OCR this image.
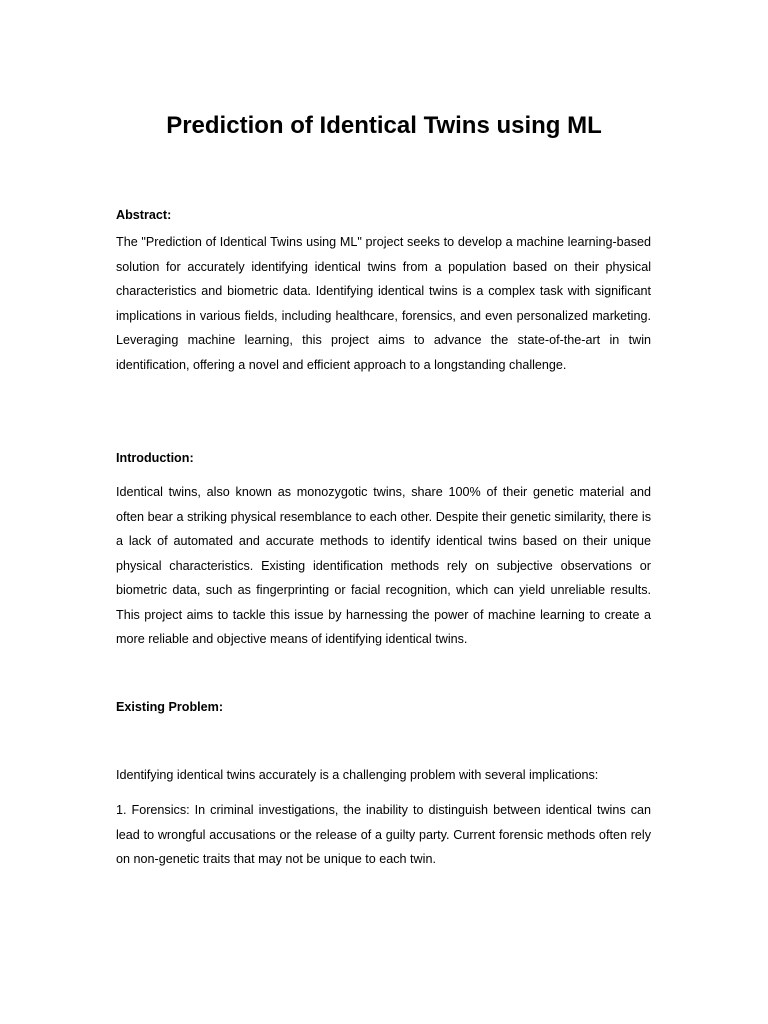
Prediction of Identical Twins using ML
Abstract:

The "Prediction of Identical Twins using ML" project seeks to develop a machine learning-based solution for accurately identifying identical twins from a population based on their physical characteristics and biometric data. Identifying identical twins is a complex task with significant implications in various fields, including healthcare, forensics, and even personalized marketing. Leveraging machine learning, this project aims to advance the state-of-the-art in twin identification, offering a novel and efficient approach to a longstanding challenge.

Introduction:

Identical twins, also known as monozygotic twins, share 100% of their genetic material and often bear a striking physical resemblance to each other. Despite their genetic similarity, there is a lack of automated and accurate methods to identify identical twins based on their unique physical characteristics. Existing identification methods rely on subjective observations or biometric data, such as fingerprinting or facial recognition, which can yield unreliable results. This project aims to tackle this issue by harnessing the power of machine learning to create a more reliable and objective means of identifying identical twins.

Existing Problem:

Identifying identical twins accurately is a challenging problem with several implications:

1. Forensics: In criminal investigations, the inability to distinguish between identical twins can lead to wrongful accusations or the release of a guilty party. Current forensic methods often rely on non-genetic traits that may not be unique to each twin.
